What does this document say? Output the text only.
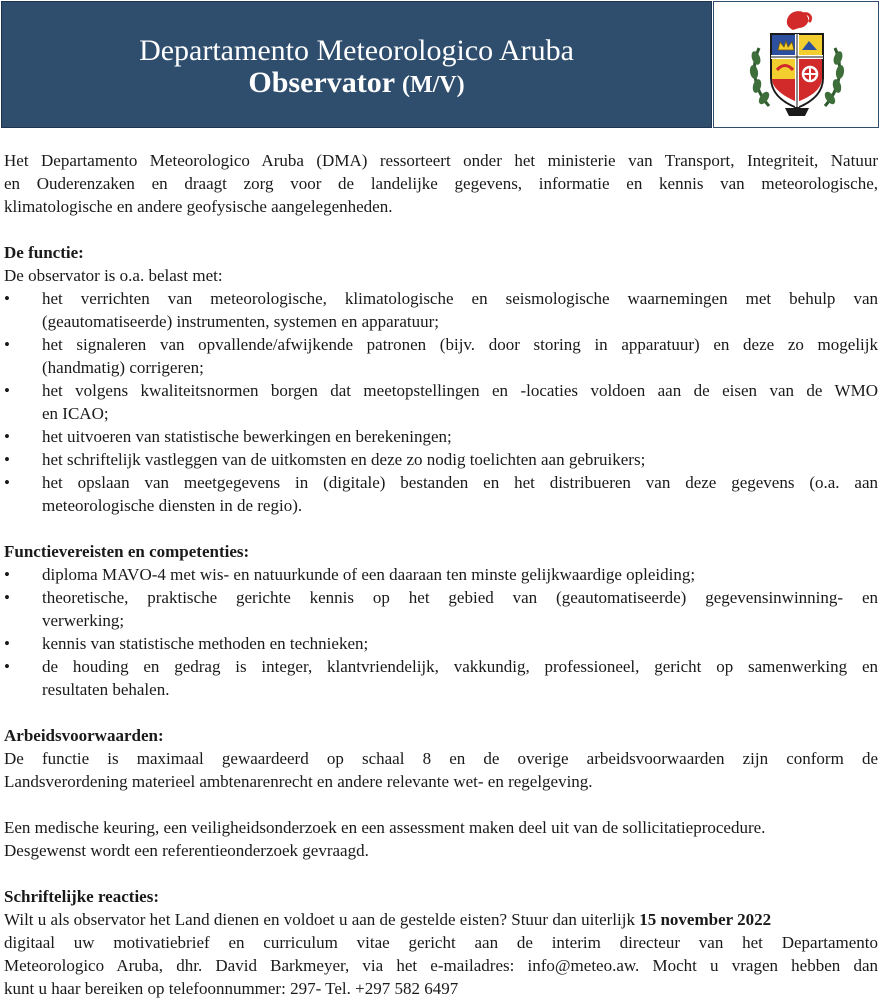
Departamento Meteorologico Aruba
Observator (M/V)
Het Departamento Meteorologico Aruba (DMA) ressorteert onder het ministerie van Transport, Integriteit, Natuur
en Ouderenzaken en draagt zorg voor de landelijke gegevens, informatie en kennis van meteorologische,
klimatologische en andere geofysische aangelegenheden.
De functie:
De observator is o.a. belast met:
• het verrichten van meteorologische, klimatologische en seismologische waarnemingen met behulp van
(geautomatiseerde) instrumenten, systemen en apparatuur;
• het signaleren van opvallende/afwijkende patronen (bijv. door storing in apparatuur) en deze zo mogelijk
(handmatig) corrigeren;
• het volgens kwaliteitsnormen borgen dat meetopstellingen en -locaties voldoen aan de eisen van de WMO
en ICAO;
• het uitvoeren van statistische bewerkingen en berekeningen;
• het schriftelijk vastleggen van de uitkomsten en deze zo nodig toelichten aan gebruikers;
• het opslaan van meetgegevens in (digitale) bestanden en het distribueren van deze gegevens (o.a. aan
meteorologische diensten in de regio).
Functievereisten en competenties:
• diploma MAVO-4 met wis- en natuurkunde of een daaraan ten minste gelijkwaardige opleiding;
• theoretische, praktische gerichte kennis op het gebied van (geautomatiseerde) gegevensinwinning- en
verwerking;
• kennis van statistische methoden en technieken;
• de houding en gedrag is integer, klantvriendelijk, vakkundig, professioneel, gericht op samenwerking en
resultaten behalen.
Arbeidsvoorwaarden:
De functie is maximaal gewaardeerd op schaal 8 en de overige arbeidsvoorwaarden zijn conform de
Landsverordening materieel ambtenarenrecht en andere relevante wet- en regelgeving.
Een medische keuring, een veiligheidsonderzoek en een assessment maken deel uit van de sollicitatieprocedure.
Desgewenst wordt een referentieonderzoek gevraagd.
Schriftelijke reacties:
Wilt u als observator het Land dienen en voldoet u aan de gestelde eisten? Stuur dan uiterlijk 15 november 2022
digitaal uw motivatiebrief en curriculum vitae gericht aan de interim directeur van het Departamento
Meteorologico Aruba, dhr. David Barkmeyer, via het e-mailadres: info@meteo.aw. Mocht u vragen hebben dan
kunt u haar bereiken op telefoonnummer: 297- Tel. +297 582 6497
